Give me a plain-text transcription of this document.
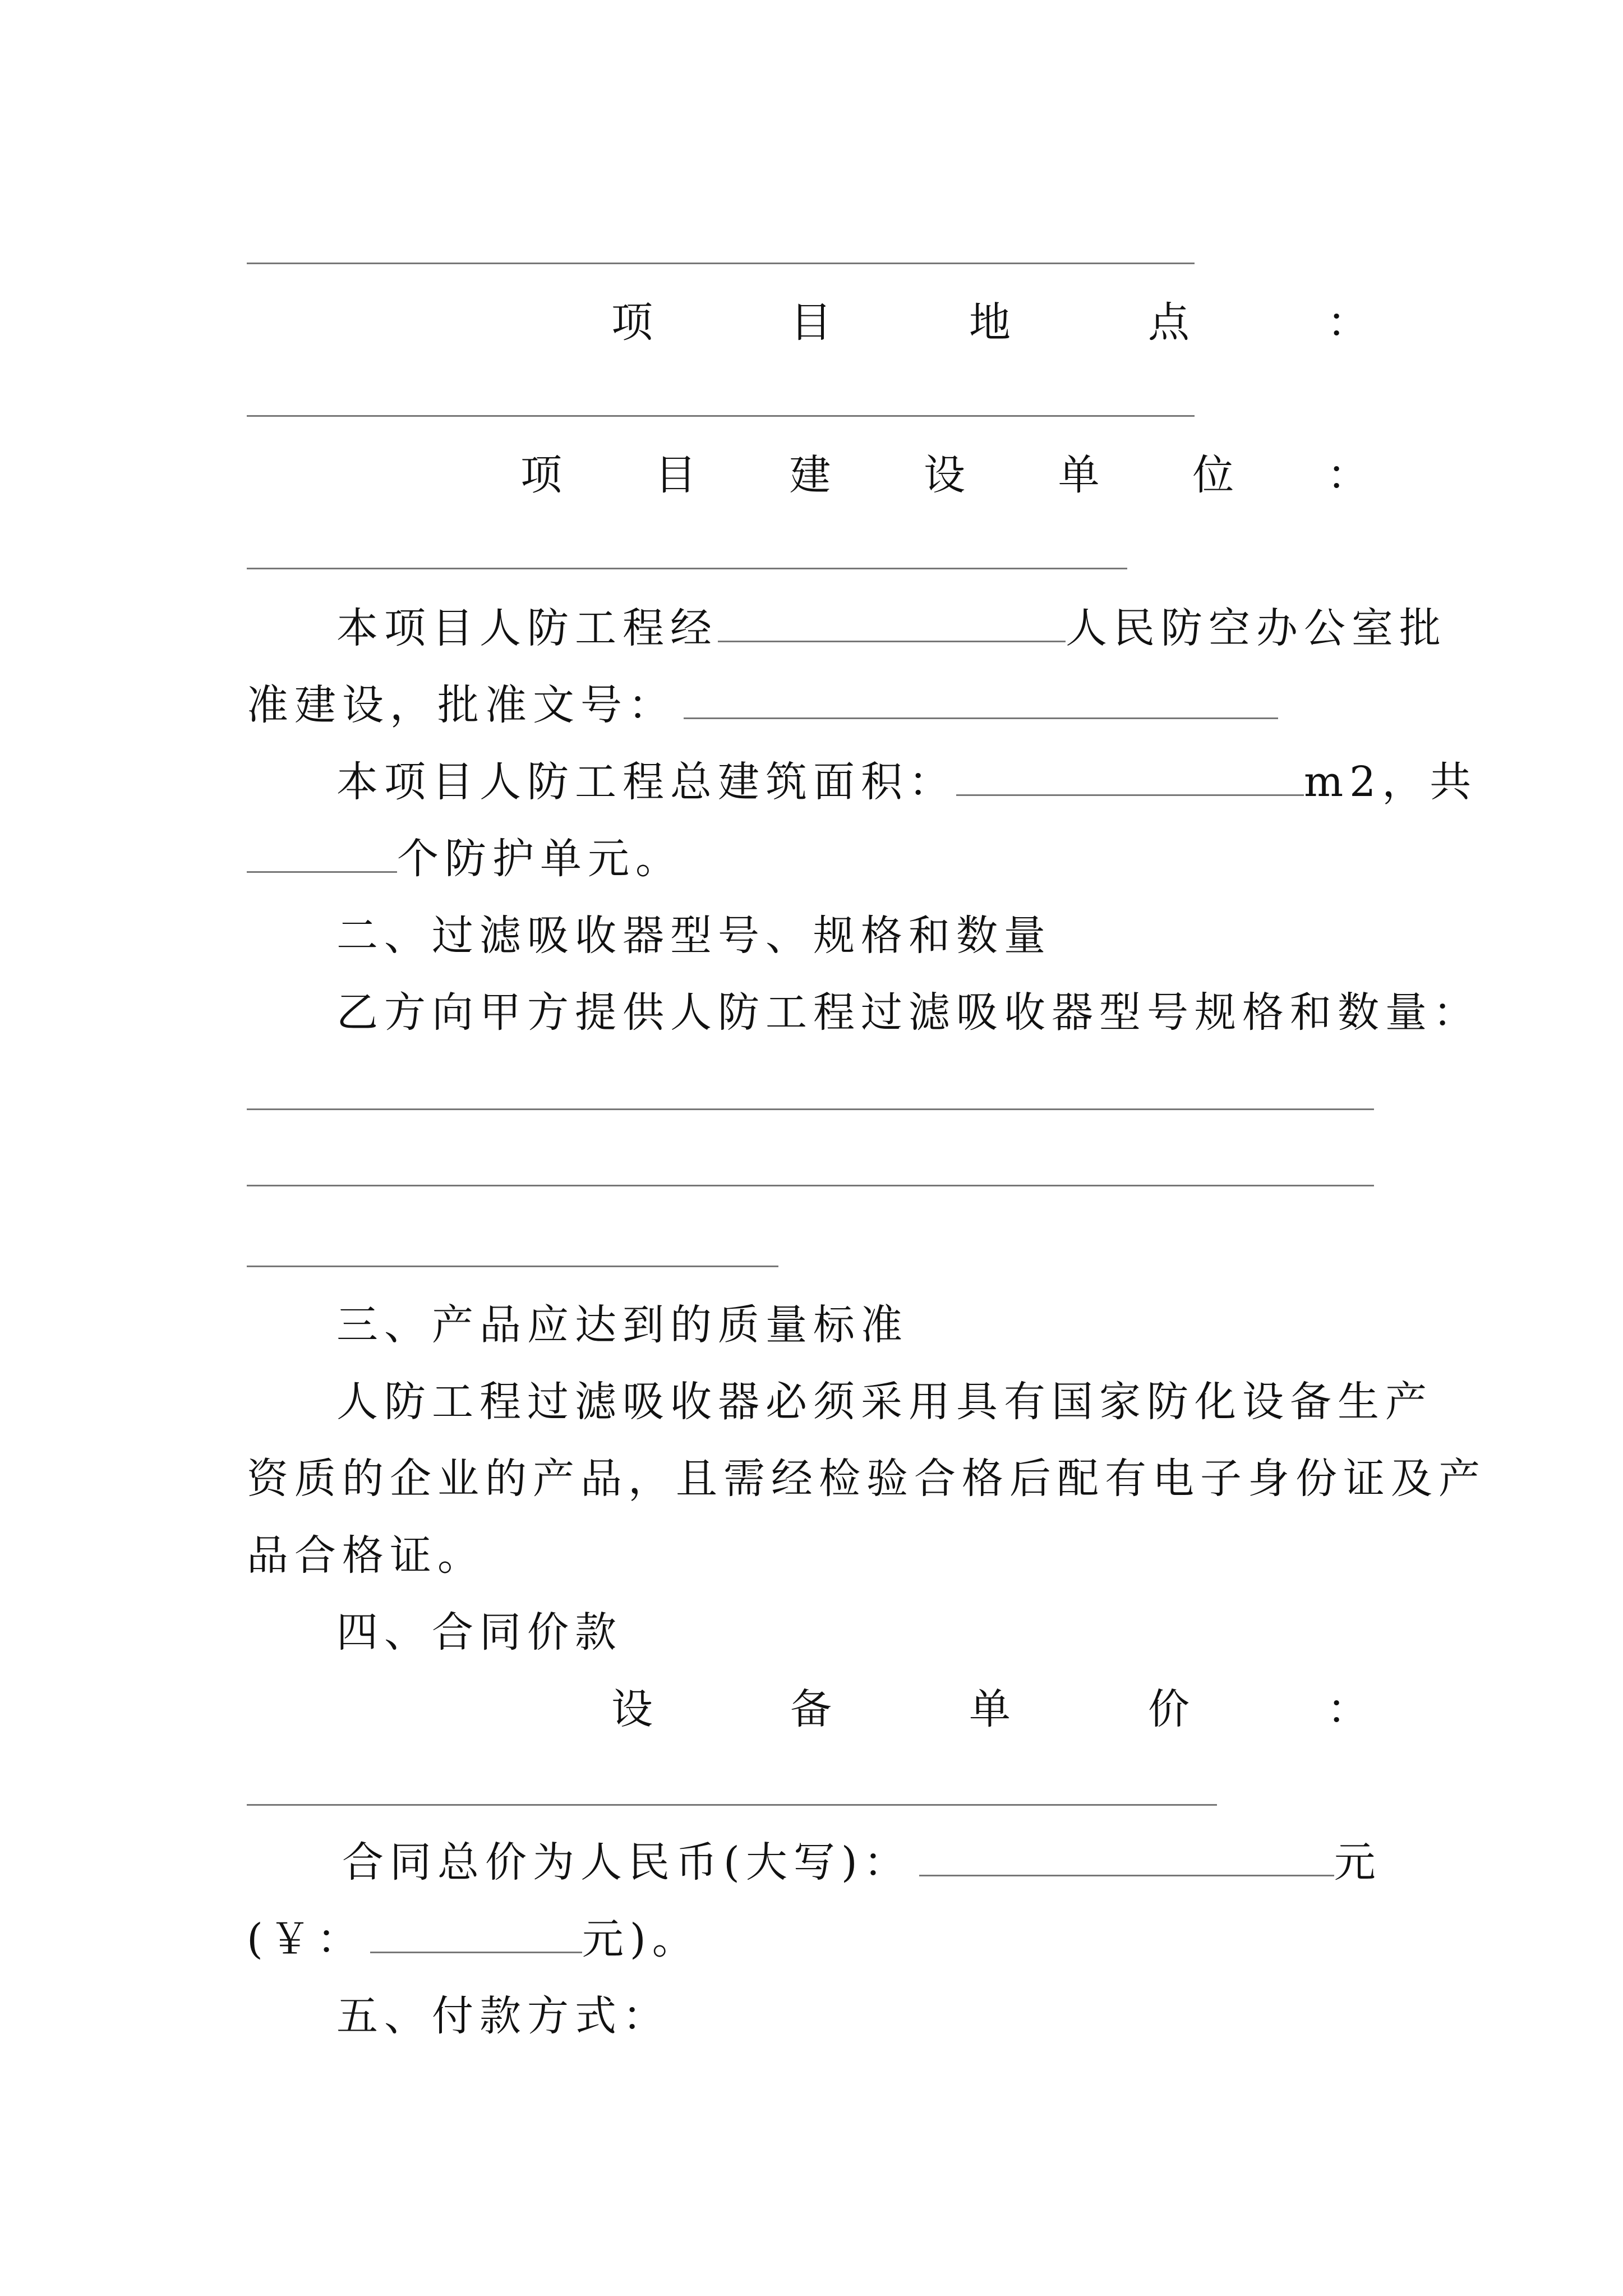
项	目	地	点	：
项 目 建 设 单 位 ：
本项目人防工程经	人民防空办公室批
准建设，批准文号：
本项目人防工程总建筑面积：	m2，共
个防护单元。
二、过滤吸收器型号、规格和数量
乙方向甲方提供人防工程过滤吸收器型号规格和数量：
三、产品应达到的质量标准
人防工程过滤吸收器必须采用具有国家防化设备生产
资质的企业的产品，且需经检验合格后配有电子身份证及产
品合格证。
四、合同价款
设	备	单	价	：
合同总价为人民币(大写)：	元
(￥：	元)。
五、付款方式：
